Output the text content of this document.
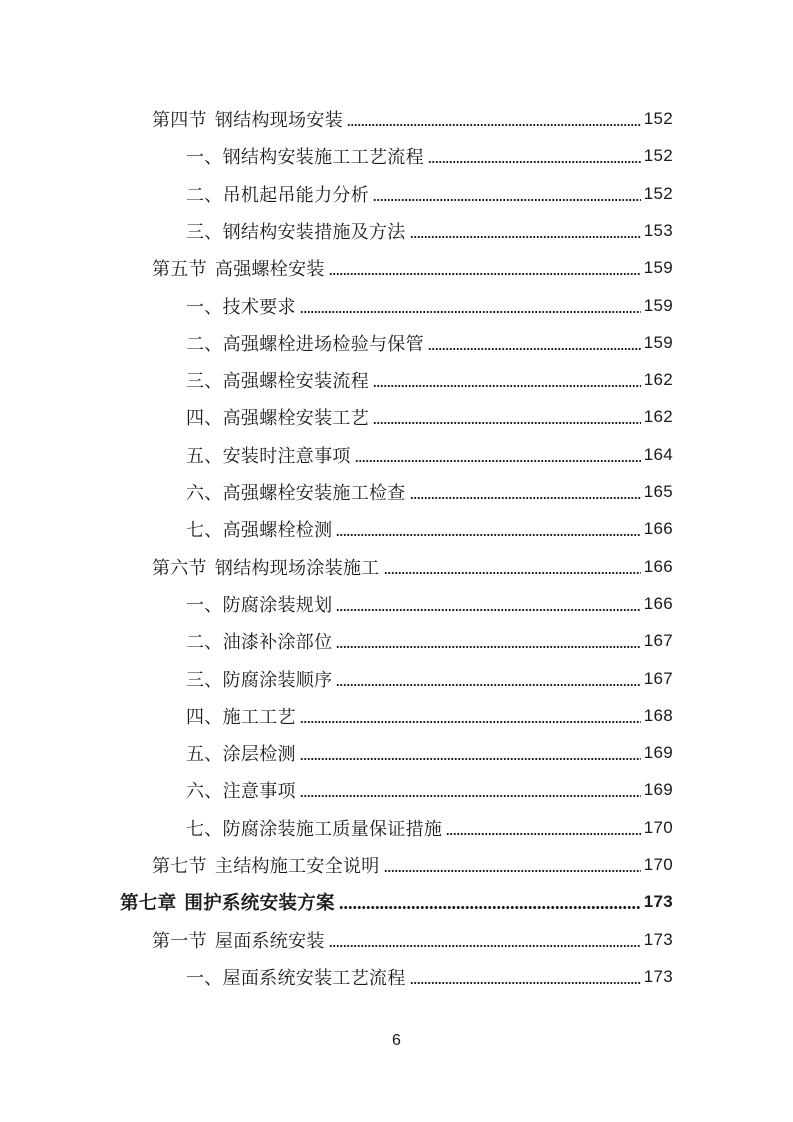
第四节 钢结构现场安装	152
一、钢结构安装施工工艺流程	152
二、吊机起吊能力分析	152
三、钢结构安装措施及方法	153
第五节 高强螺栓安装	159
一、技术要求	159
二、高强螺栓进场检验与保管	159
三、高强螺栓安装流程	162
四、高强螺栓安装工艺	162
五、安装时注意事项	164
六、高强螺栓安装施工检查	165
七、高强螺栓检测	166
第六节 钢结构现场涂装施工	166
一、防腐涂装规划	166
二、油漆补涂部位	167
三、防腐涂装顺序	167
四、施工工艺	168
五、涂层检测	169
六、注意事项	169
七、防腐涂装施工质量保证措施	170
第七节 主结构施工安全说明	170
第七章 围护系统安装方案	173
第一节 屋面系统安装	173
一、屋面系统安装工艺流程	173
6
